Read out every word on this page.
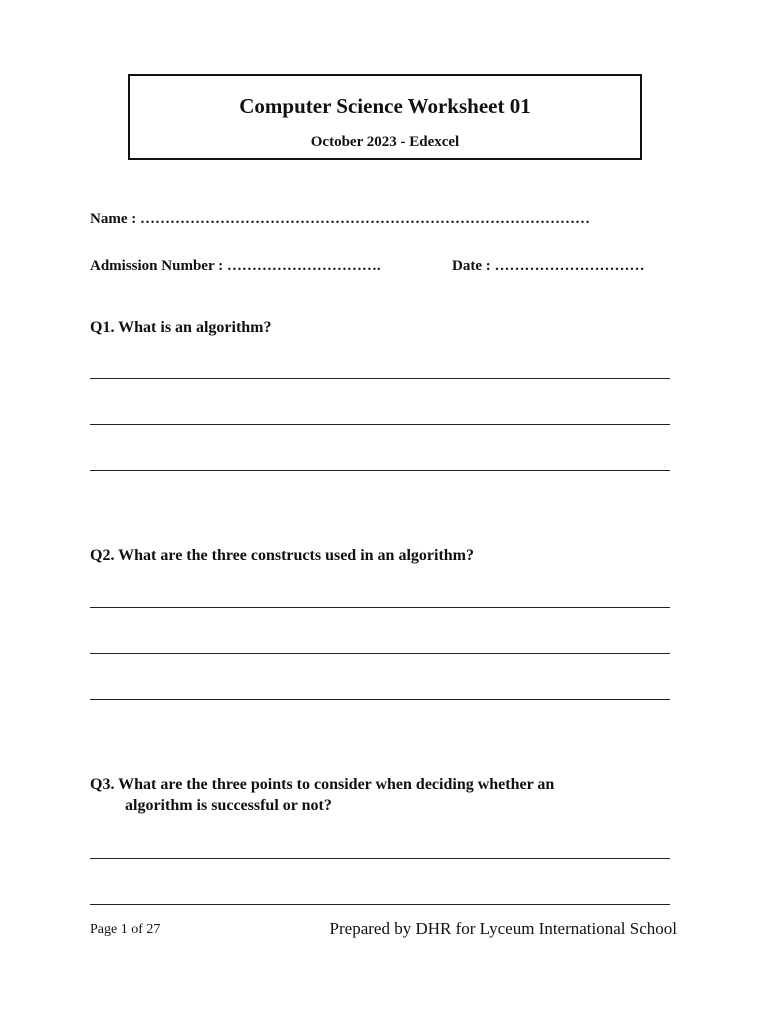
Computer Science Worksheet 01
October 2023 - Edexcel
Name : ………………………………………………………………………………
Admission Number : ………………………….	Date : …………………………
Q1. What is an algorithm?
Q2. What are the three constructs used in an algorithm?
Q3. What are the three points to consider when deciding whether an
algorithm is successful or not?
Page 1 of 27	Prepared by DHR for Lyceum International School
